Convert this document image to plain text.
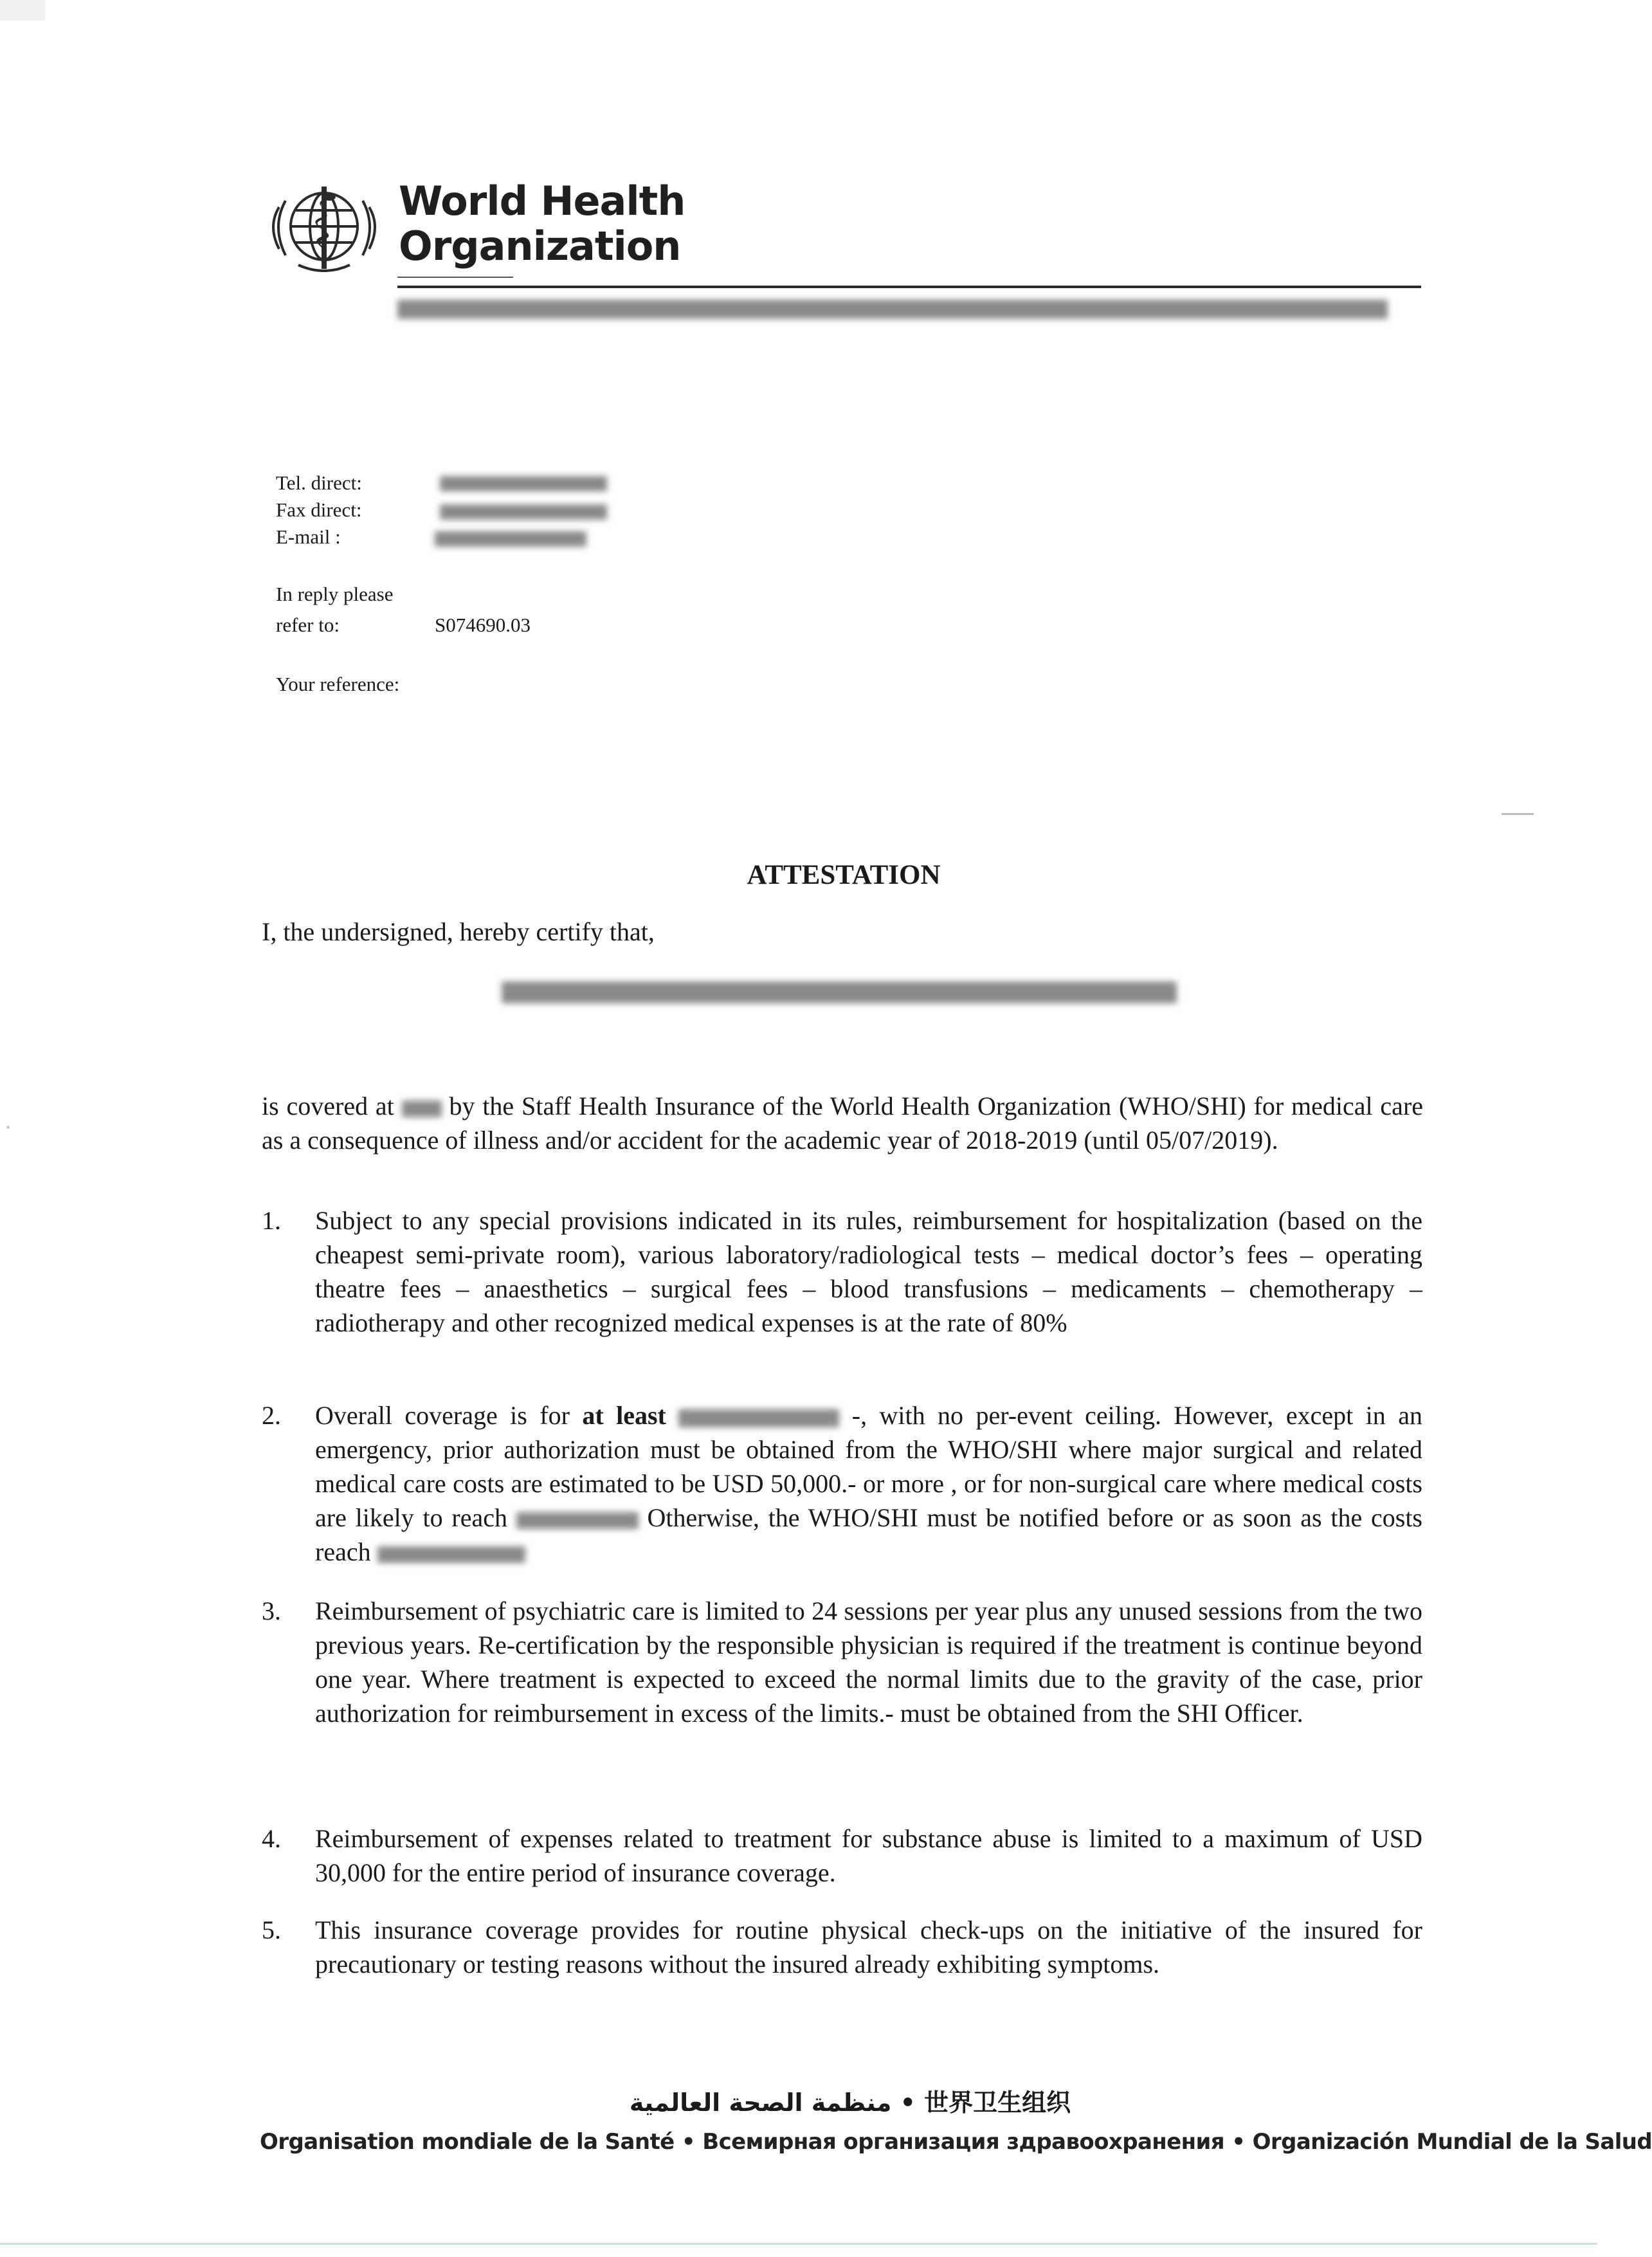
World Health
Organization
Tel. direct:
Fax direct:
E-mail :
In reply please
refer to:	S074690.03
Your reference:
ATTESTATION
I, the undersigned, hereby certify that,
is covered at by the Staff Health Insurance of the World Health Organization (WHO/SHI) for medical care as a consequence of illness and/or accident for the academic year of 2018-2019 (until 05/07/2019).
1. Subject to any special provisions indicated in its rules, reimbursement for hospitalization (based on the cheapest semi-private room), various laboratory/radiological tests – medical doctor’s fees – operating theatre fees – anaesthetics – surgical fees – blood transfusions – medicaments – chemotherapy – radiotherapy and other recognized medical expenses is at the rate of 80%
2. Overall coverage is for at least	-, with no per-event ceiling. However, except in an emergency, prior authorization must be obtained from the WHO/SHI where major surgical and related medical care costs are estimated to be USD 50,000.- or more , or for non-surgical care where medical costs are likely to reach	Otherwise, the WHO/SHI must be notified before or as soon as the costs reach
3. Reimbursement of psychiatric care is limited to 24 sessions per year plus any unused sessions from the two previous years. Re-certification by the responsible physician is required if the treatment is continue beyond one year. Where treatment is expected to exceed the normal limits due to the gravity of the case, prior authorization for reimbursement in excess of the limits.- must be obtained from the SHI Officer.
4. Reimbursement of expenses related to treatment for substance abuse is limited to a maximum of USD 30,000 for the entire period of insurance coverage.
5. This insurance coverage provides for routine physical check-ups on the initiative of the insured for precautionary or testing reasons without the insured already exhibiting symptoms.
منظمة الصحة العالمية • 世界卫生组织
Organisation mondiale de la Santé • Всемирная организация здравоохранения • Organización Mundial de la Salud
